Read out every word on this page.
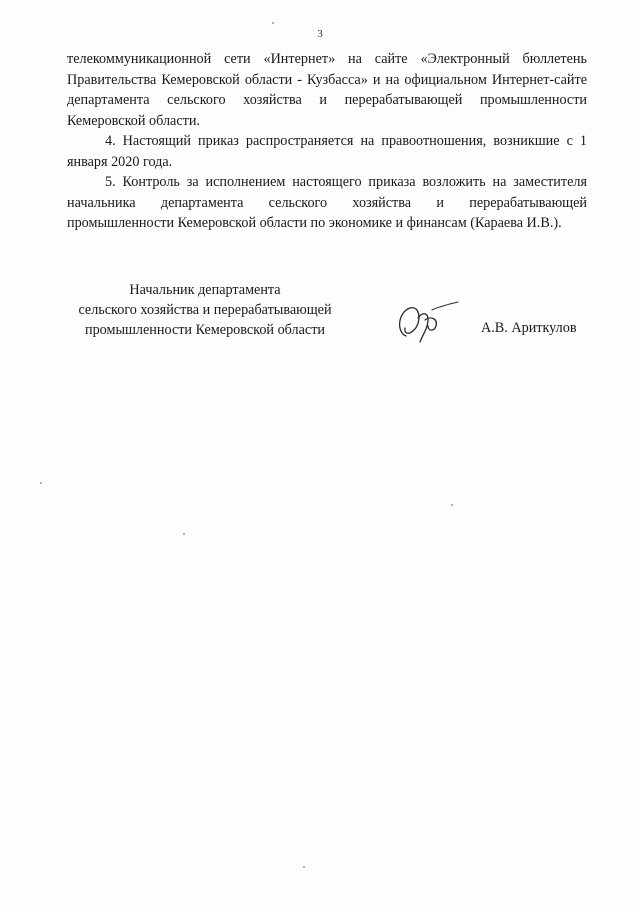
3

телекоммуникационной сети «Интернет» на сайте «Электронный бюллетень Правительства Кемеровской области - Кузбасса» и на официальном Интернет-сайте департамента сельского хозяйства и перерабатывающей промышленности Кемеровской области.

4. Настоящий приказ распространяется на правоотношения, возникшие с 1 января 2020 года.

5. Контроль за исполнением настоящего приказа возложить на заместителя начальника департамента сельского хозяйства и перерабатывающей промышленности Кемеровской области по экономике и финансам (Караева И.В.).

Начальник департамента
сельского хозяйства и перерабатывающей
промышленности Кемеровской области	А.В. Ариткулов
